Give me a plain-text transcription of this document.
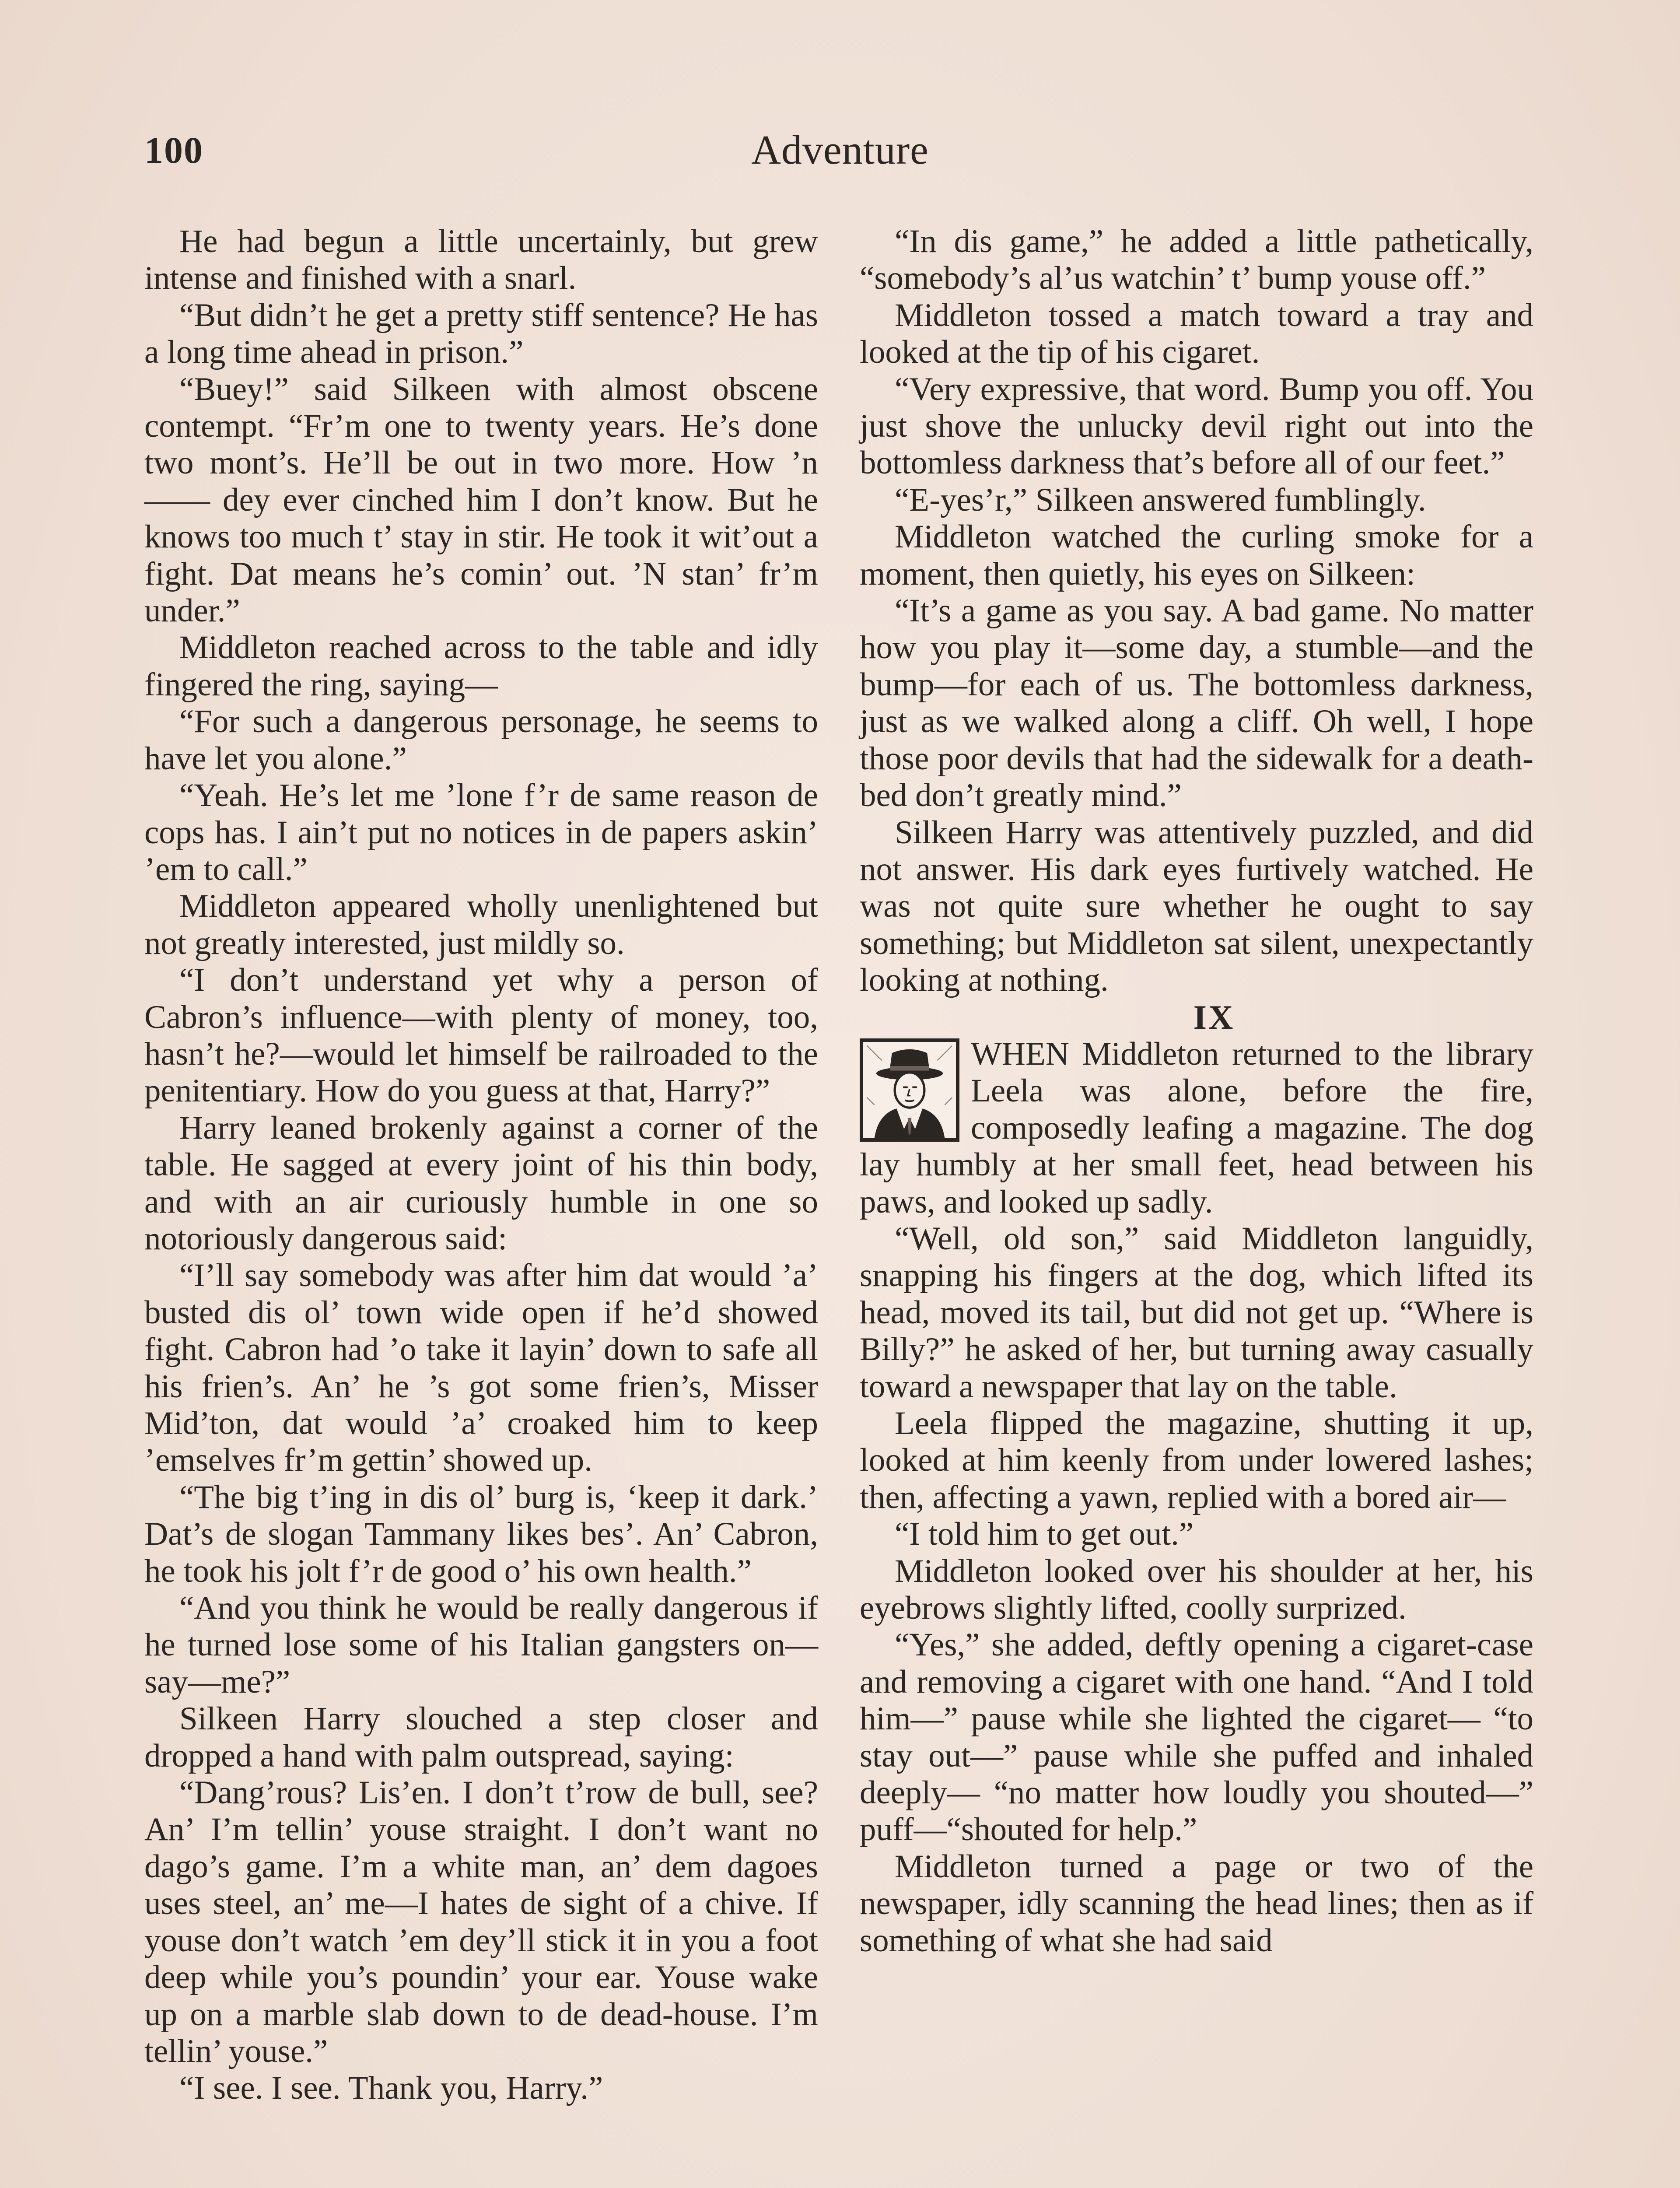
100	Adventure

He had begun a little uncertainly, but grew intense and finished with a snarl.

“But didn’t he get a pretty stiff sentence? He has a long time ahead in prison.”

“Buey!” said Silkeen with almost obscene contempt. “Fr’m one to twenty years. He’s done two mont’s. He’ll be out in two more. How ’n —— dey ever cinched him I don’t know. But he knows too much t’ stay in stir. He took it wit’out a fight. Dat means he’s comin’ out. ’N stan’ fr’m under.”

Middleton reached across to the table and idly fingered the ring, saying—

“For such a dangerous personage, he seems to have let you alone.”

“Yeah. He’s let me ’lone f’r de same reason de cops has. I ain’t put no notices in de papers askin’ ’em to call.”

Middleton appeared wholly unenlightened but not greatly interested, just mildly so.

“I don’t understand yet why a person of Cabron’s influence—with plenty of money, too, hasn’t he?—would let himself be railroaded to the penitentiary. How do you guess at that, Harry?”

Harry leaned brokenly against a corner of the table. He sagged at every joint of his thin body, and with an air curiously humble in one so notoriously dangerous said:

“I’ll say somebody was after him dat would ’a’ busted dis ol’ town wide open if he’d showed fight. Cabron had ’o take it layin’ down to safe all his frien’s. An’ he ’s got some frien’s, Misser Mid’ton, dat would ’a’ croaked him to keep ’emselves fr’m gettin’ showed up.

“The big t’ing in dis ol’ burg is, ‘keep it dark.’ Dat’s de slogan Tammany likes bes’. An’ Cabron, he took his jolt f’r de good o’ his own health.”

“And you think he would be really dangerous if he turned lose some of his Italian gangsters on—say—me?”

Silkeen Harry slouched a step closer and dropped a hand with palm outspread, saying:

“Dang’rous? Lis’en. I don’t t’row de bull, see? An’ I’m tellin’ youse straight. I don’t want no dago’s game. I’m a white man, an’ dem dagoes uses steel, an’ me—I hates de sight of a chive. If youse don’t watch ’em dey’ll stick it in you a foot deep while you’s poundin’ your ear. Youse wake up on a marble slab down to de dead-house. I’m tellin’ youse.”

“I see. I see. Thank you, Harry.”

“In dis game,” he added a little pathetically, “somebody’s al’us watchin’ t’ bump youse off.”

Middleton tossed a match toward a tray and looked at the tip of his cigaret.

“Very expressive, that word. Bump you off. You just shove the unlucky devil right out into the bottomless darkness that’s before all of our feet.”

“E-yes’r,” Silkeen answered fumblingly.

Middleton watched the curling smoke for a moment, then quietly, his eyes on Silkeen:

“It’s a game as you say. A bad game. No matter how you play it—some day, a stumble—and the bump—for each of us. The bottomless darkness, just as we walked along a cliff. Oh well, I hope those poor devils that had the sidewalk for a death-bed don’t greatly mind.”

Silkeen Harry was attentively puzzled, and did not answer. His dark eyes furtively watched. He was not quite sure whether he ought to say something; but Middleton sat silent, unexpectantly looking at nothing.

IX

WHEN Middleton returned to the library Leela was alone, before the fire, composedly leafing a magazine. The dog lay humbly at her small feet, head between his paws, and looked up sadly.

“Well, old son,” said Middleton languidly, snapping his fingers at the dog, which lifted its head, moved its tail, but did not get up. “Where is Billy?” he asked of her, but turning away casually toward a newspaper that lay on the table.

Leela flipped the magazine, shutting it up, looked at him keenly from under lowered lashes; then, affecting a yawn, replied with a bored air—

“I told him to get out.”

Middleton looked over his shoulder at her, his eyebrows slightly lifted, coolly surprized.

“Yes,” she added, deftly opening a cigaret-case and removing a cigaret with one hand. “And I told him—” pause while she lighted the cigaret— “to stay out—” pause while she puffed and inhaled deeply— “no matter how loudly you shouted—” puff—“shouted for help.”

Middleton turned a page or two of the newspaper, idly scanning the head lines; then as if something of what she had said
